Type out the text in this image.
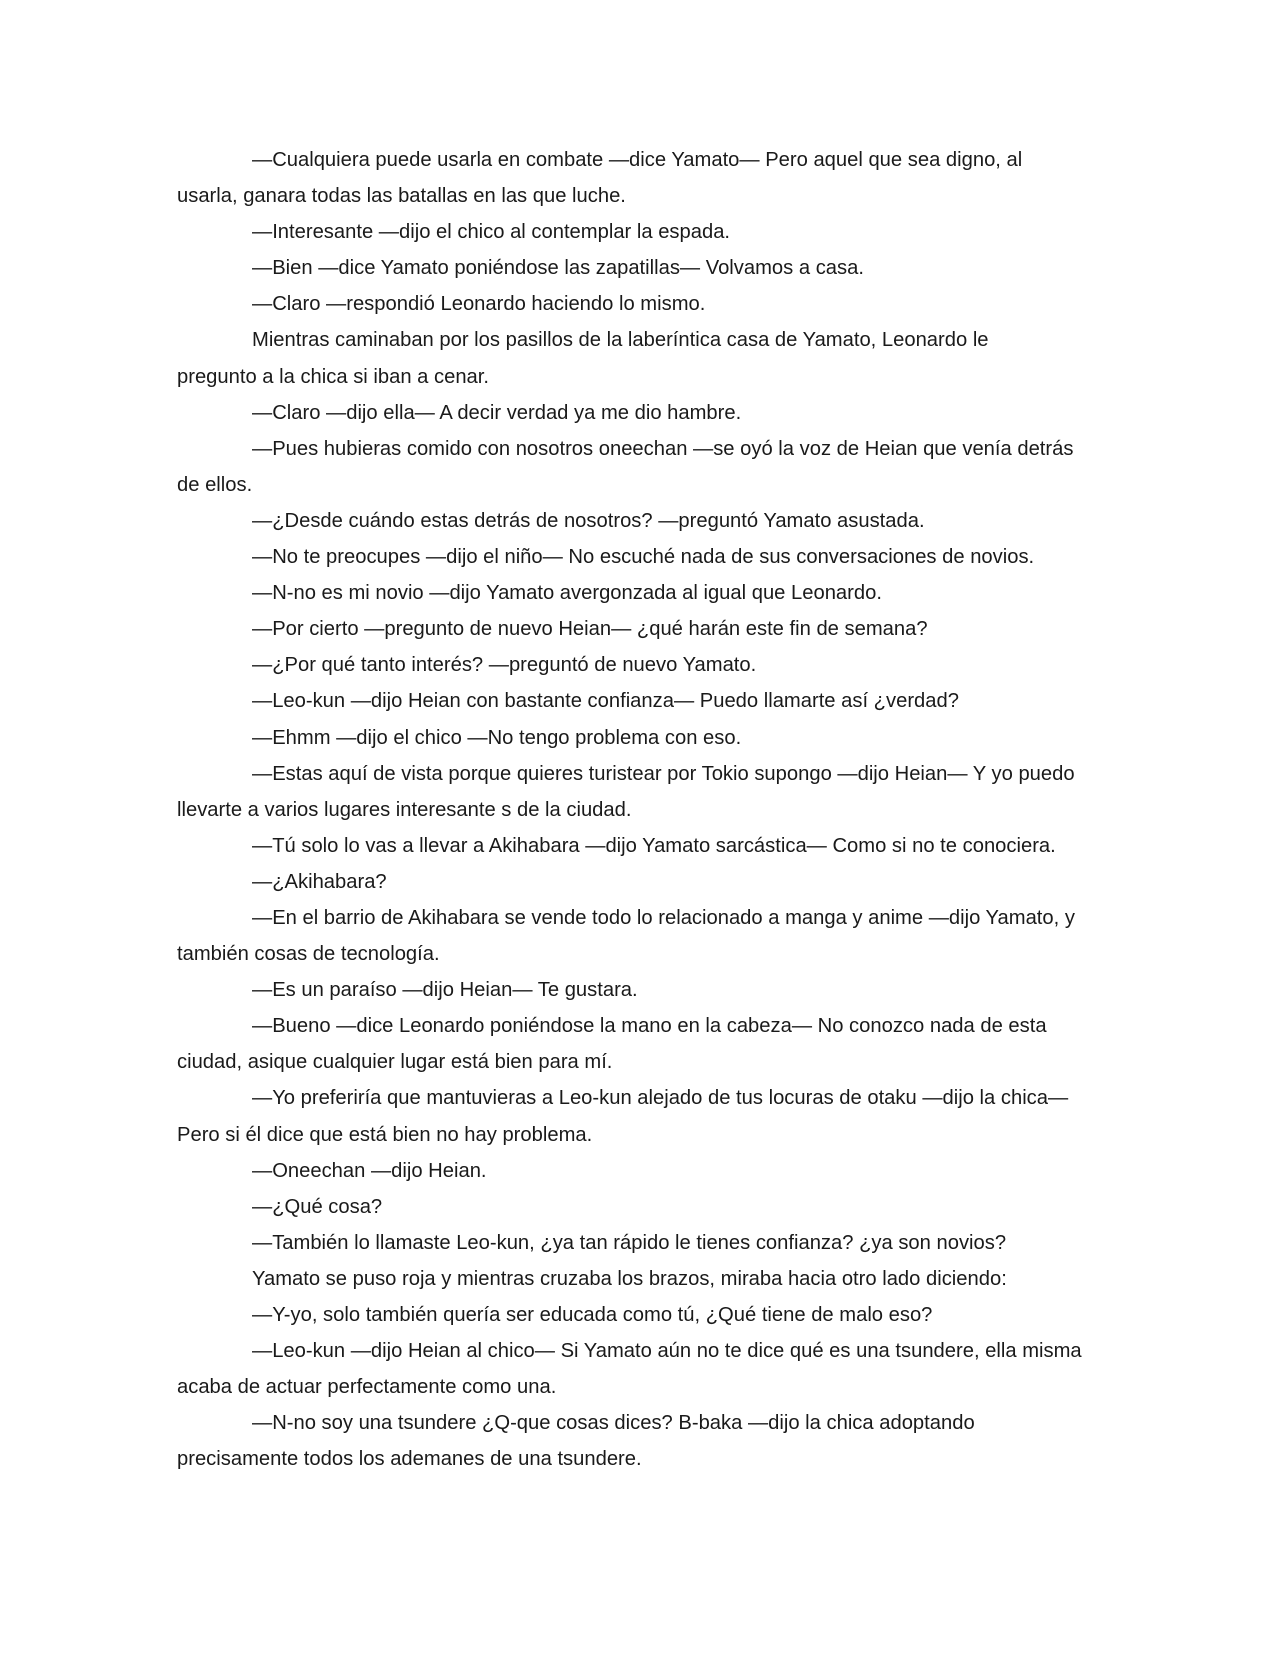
—Cualquiera puede usarla en combate —dice Yamato— Pero aquel que sea digno, al
usarla, ganara todas las batallas en las que luche.

—Interesante —dijo el chico al contemplar la espada.

—Bien —dice Yamato poniéndose las zapatillas— Volvamos a casa.

—Claro —respondió Leonardo haciendo lo mismo.

Mientras caminaban por los pasillos de la laberíntica casa de Yamato, Leonardo le
pregunto a la chica si iban a cenar.

—Claro —dijo ella— A decir verdad ya me dio hambre.

—Pues hubieras comido con nosotros oneechan —se oyó la voz de Heian que venía detrás
de ellos.

—¿Desde cuándo estas detrás de nosotros? —preguntó Yamato asustada.

—No te preocupes —dijo el niño— No escuché nada de sus conversaciones de novios.

—N-no es mi novio —dijo Yamato avergonzada al igual que Leonardo.

—Por cierto —pregunto de nuevo Heian— ¿qué harán este fin de semana?

—¿Por qué tanto interés? —preguntó de nuevo Yamato.

—Leo-kun —dijo Heian con bastante confianza— Puedo llamarte así ¿verdad?

—Ehmm —dijo el chico —No tengo problema con eso.

—Estas aquí de vista porque quieres turistear por Tokio supongo —dijo Heian— Y yo puedo
llevarte a varios lugares interesante s de la ciudad.

—Tú solo lo vas a llevar a Akihabara —dijo Yamato sarcástica— Como si no te conociera.

—¿Akihabara?

—En el barrio de Akihabara se vende todo lo relacionado a manga y anime —dijo Yamato, y
también cosas de tecnología.

—Es un paraíso —dijo Heian— Te gustara.

—Bueno —dice Leonardo poniéndose la mano en la cabeza— No conozco nada de esta
ciudad, asique cualquier lugar está bien para mí.

—Yo preferiría que mantuvieras a Leo-kun alejado de tus locuras de otaku —dijo la chica—
Pero si él dice que está bien no hay problema.

—Oneechan —dijo Heian.

—¿Qué cosa?

—También lo llamaste Leo-kun, ¿ya tan rápido le tienes confianza? ¿ya son novios?

Yamato se puso roja y mientras cruzaba los brazos, miraba hacia otro lado diciendo:

—Y-yo, solo también quería ser educada como tú, ¿Qué tiene de malo eso?

—Leo-kun —dijo Heian al chico— Si Yamato aún no te dice qué es una tsundere, ella misma
acaba de actuar perfectamente como una.

—N-no soy una tsundere ¿Q-que cosas dices? B-baka —dijo la chica adoptando
precisamente todos los ademanes de una tsundere.
